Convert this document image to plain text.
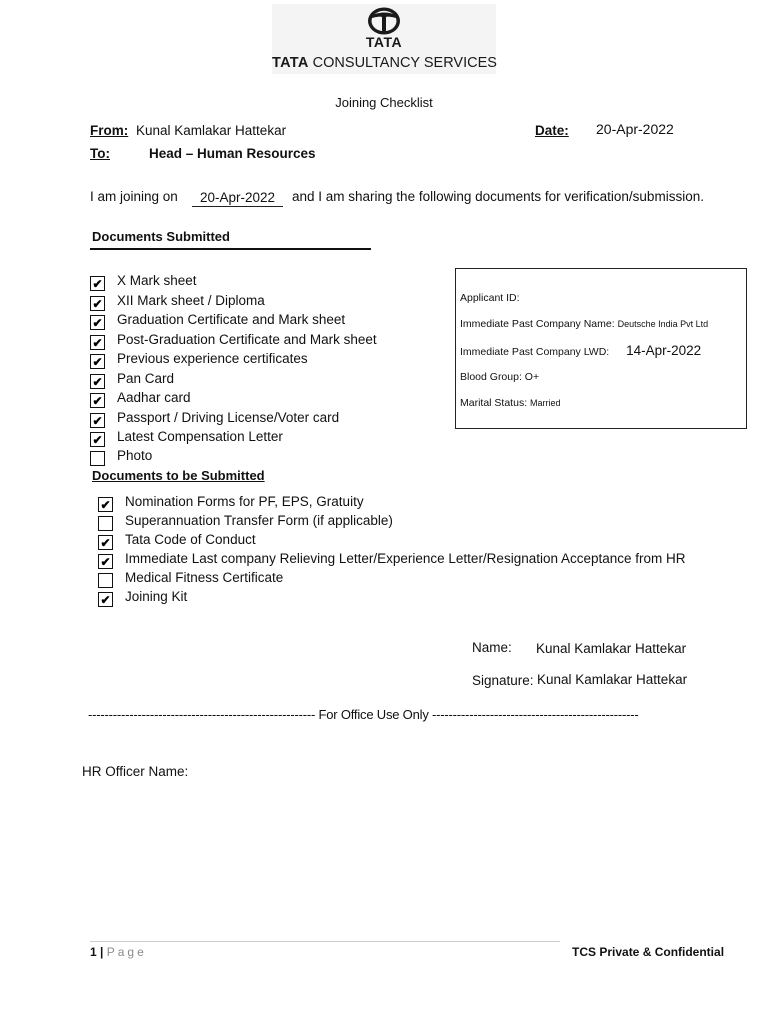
TATA
TATA CONSULTANCY SERVICES
Joining Checklist
From: Kunal Kamlakar Hattekar	Date: 20-Apr-2022
To:	Head – Human Resources
I am joining on	20-Apr-2022	and I am sharing the following documents for verification/submission.
Documents Submitted
✔ X Mark sheet
✔ XII Mark sheet / Diploma
✔ Graduation Certificate and Mark sheet
✔ Post-Graduation Certificate and Mark sheet
✔ Previous experience certificates
✔ Pan Card
✔ Aadhar card
✔ Passport / Driving License/Voter card
✔ Latest Compensation Letter
Photo
Applicant ID:
Immediate Past Company Name: Deutsche India Pvt Ltd
Immediate Past Company LWD: 14-Apr-2022
Blood Group: O+
Marital Status: Married
Documents to be Submitted
✔ Nomination Forms for PF, EPS, Gratuity
Superannuation Transfer Form (if applicable)
✔ Tata Code of Conduct
✔ Immediate Last company Relieving Letter/Experience Letter/Resignation Acceptance from HR
Medical Fitness Certificate
✔ Joining Kit
Name: Kunal Kamlakar Hattekar
Signature: Kunal Kamlakar Hattekar
------------------------------------------------------- For Office Use Only --------------------------------------------------
HR Officer Name:
1 | Page	TCS Private & Confidential
